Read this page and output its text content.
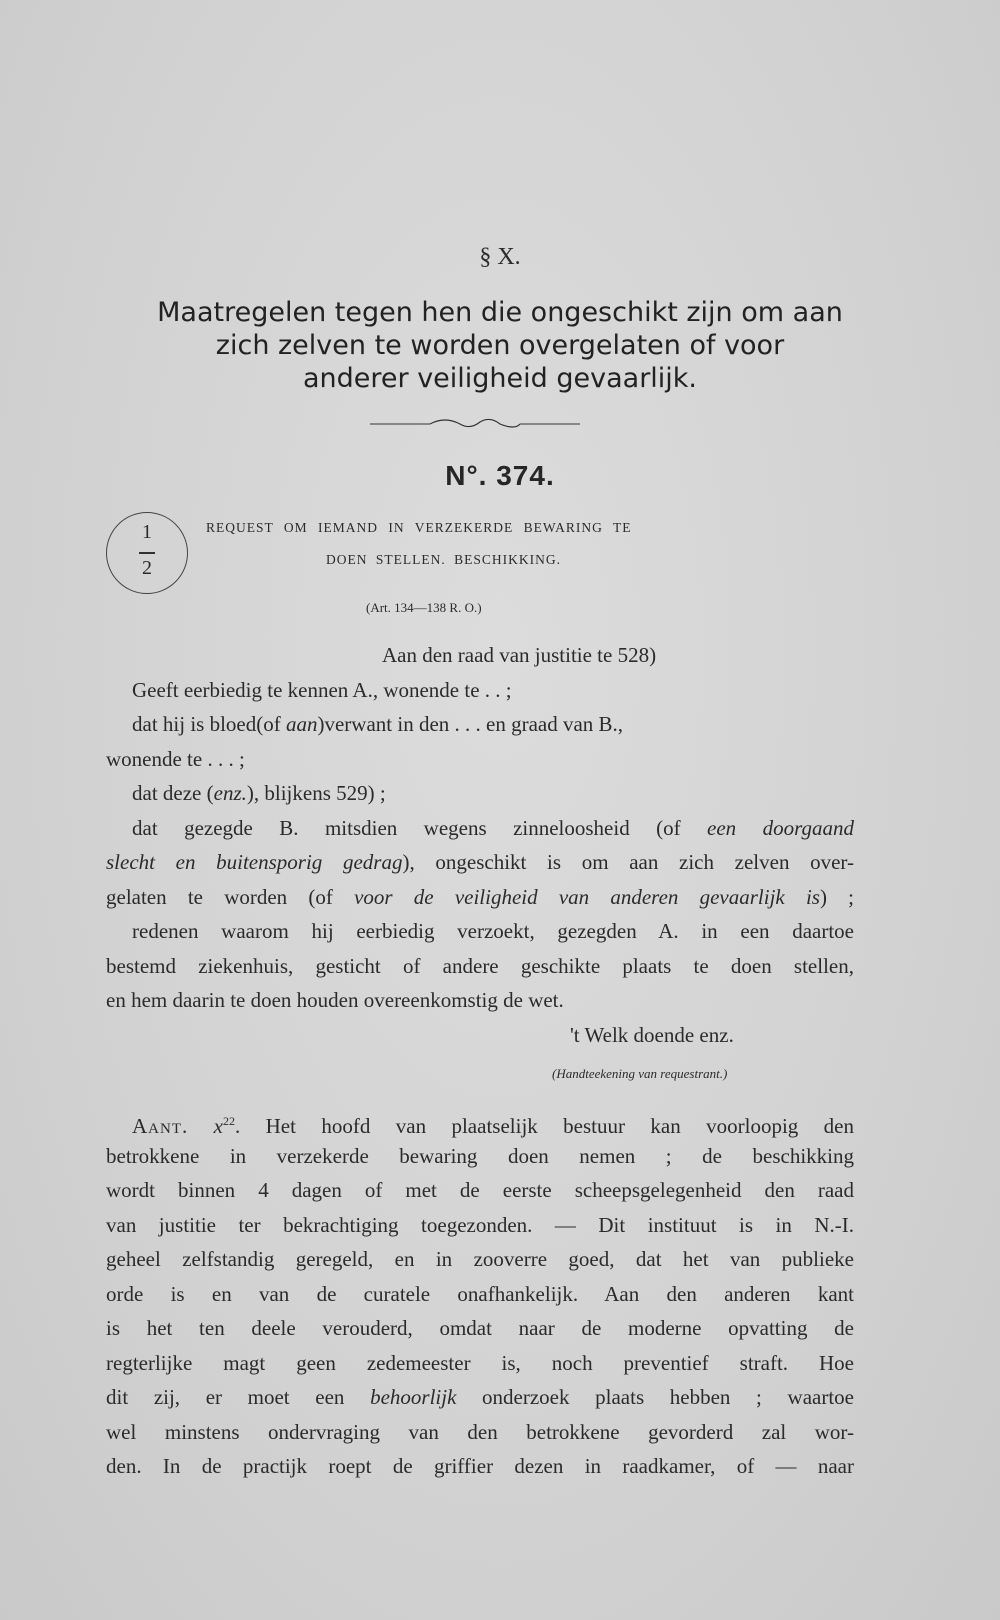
§ X.
Maatregelen tegen hen die ongeschikt zijn om aan
zich zelven te worden overgelaten of voor
anderer veiligheid gevaarlijk.
N°. 374.
1
2
REQUEST OM IEMAND IN VERZEKERDE BEWARING TE
DOEN STELLEN. BESCHIKKING.
(Art. 134—138 R. O.)
Aan den raad van justitie te 528)
Geeft eerbiedig te kennen A., wonende te . . ;
dat hij is bloed(of aan)verwant in den . . . en graad van B.,
wonende te . . . ;
dat deze (enz.), blijkens 529) ;
dat gezegde B. mitsdien wegens zinneloosheid (of een doorgaand
slecht en buitensporig gedrag), ongeschikt is om aan zich zelven over-
gelaten te worden (of voor de veiligheid van anderen gevaarlijk is) ;
redenen waarom hij eerbiedig verzoekt, gezegden A. in een daartoe
bestemd ziekenhuis, gesticht of andere geschikte plaats te doen stellen,
en hem daarin te doen houden overeenkomstig de wet.
't Welk doende enz.
(Handteekening van requestrant.)
Aant. $x^{22}$. Het hoofd van plaatselijk bestuur kan voorloopig den
betrokkene in verzekerde bewaring doen nemen ; de beschikking
wordt binnen 4 dagen of met de eerste scheepsgelegenheid den raad
van justitie ter bekrachtiging toegezonden. — Dit instituut is in N.-I.
geheel zelfstandig geregeld, en in zooverre goed, dat het van publieke
orde is en van de curatele onafhankelijk. Aan den anderen kant
is het ten deele verouderd, omdat naar de moderne opvatting de
regterlijke magt geen zedemeester is, noch preventief straft. Hoe
dit zij, er moet een behoorlijk onderzoek plaats hebben ; waartoe
wel minstens ondervraging van den betrokkene gevorderd zal wor-
den. In de practijk roept de griffier dezen in raadkamer, of — naar
